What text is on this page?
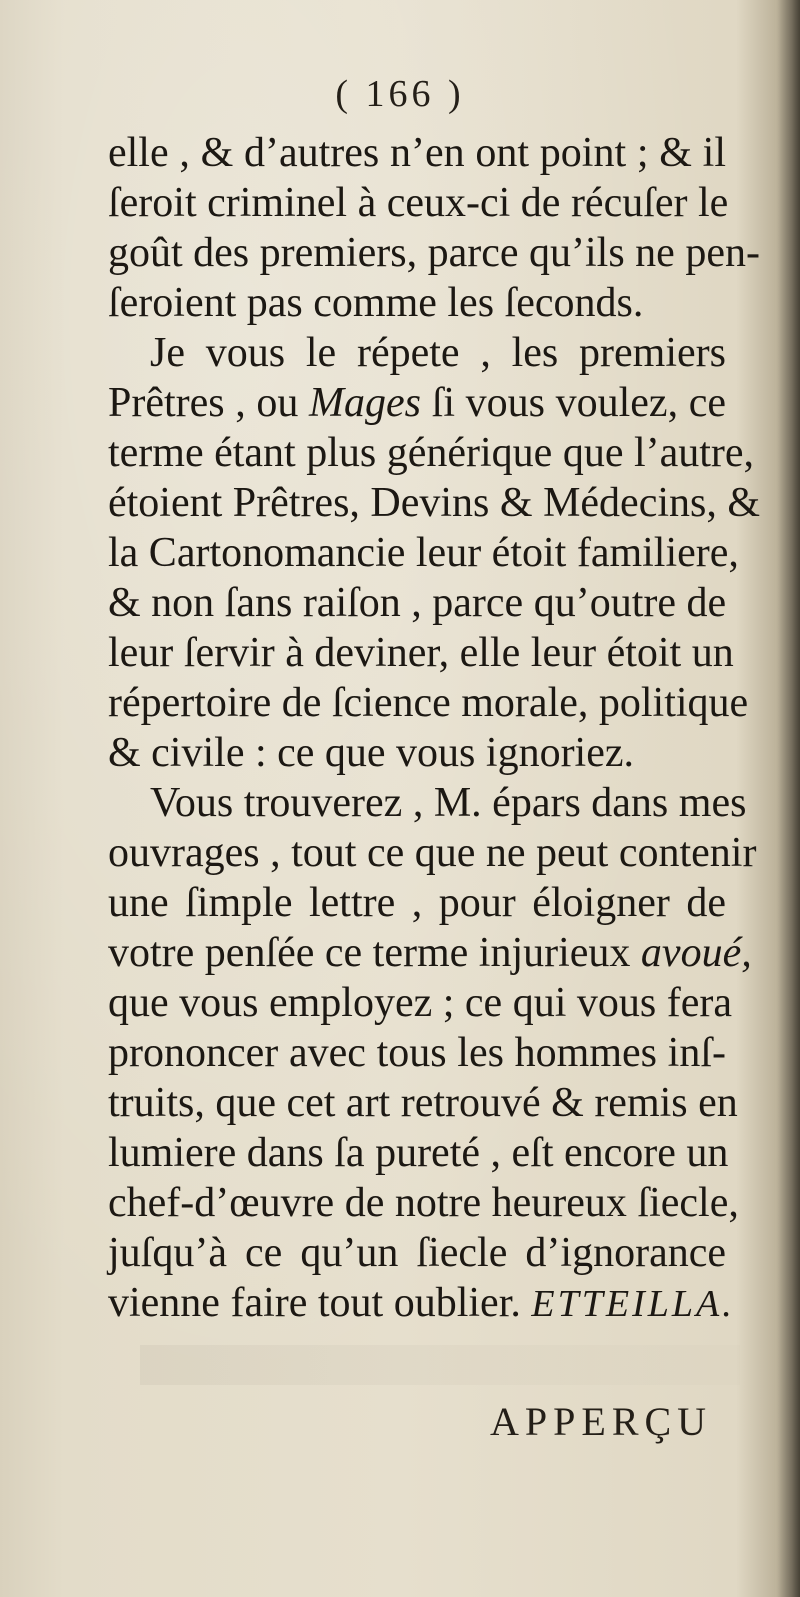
( 166 )
elle , & d’autres n’en ont point ; & il
ſeroit criminel à ceux-ci de récuſer le
goût des premiers, parce qu’ils ne pen-
ſeroient pas comme les ſeconds.
Je vous le répete , les premiers
Prêtres , ou Mages ſi vous voulez, ce
terme étant plus générique que l’autre,
étoient Prêtres, Devins & Médecins, &
la Cartonomancie leur étoit familiere,
& non ſans raiſon , parce qu’outre de
leur ſervir à deviner, elle leur étoit un
répertoire de ſcience morale, politique
& civile : ce que vous ignoriez.
Vous trouverez , M. épars dans mes
ouvrages , tout ce que ne peut contenir
une ſimple lettre , pour éloigner de
votre penſée ce terme injurieux avoué,
que vous employez ; ce qui vous fera
prononcer avec tous les hommes inſ-
truits, que cet art retrouvé & remis en
lumiere dans ſa pureté , eſt encore un
chef-d’œuvre de notre heureux ſiecle,
juſqu’à ce qu’un ſiecle d’ignorance
vienne faire tout oublier. ETTEILLA.
APPERÇU
